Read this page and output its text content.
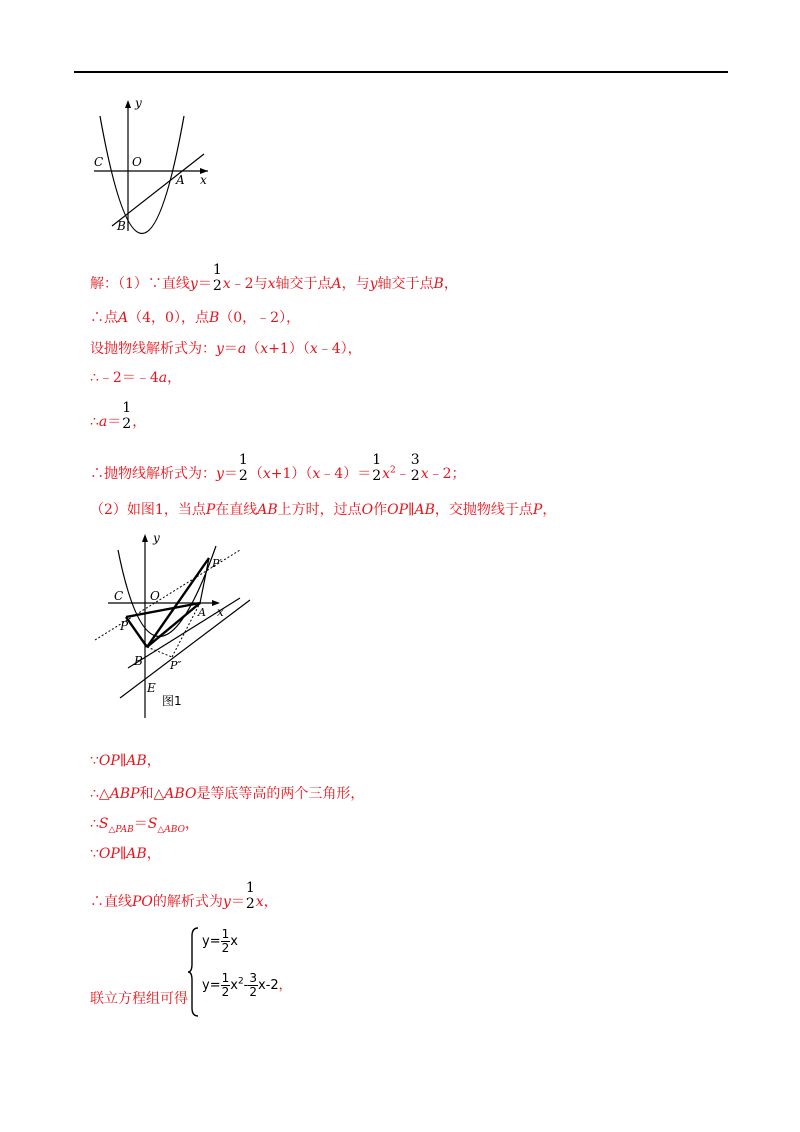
y
x
C O
A
B
解：（1）∵直线y＝
1
2 x﹣2与x轴交于点A，与y轴交于点B，
∴点A（4，0），点B（0，﹣2），
设抛物线解析式为：y＝a（x+1）（x﹣4），
∴﹣2＝﹣4a，
∴a＝
1
2 ，
∴抛物线解析式为：y＝
1
2 （x+1）（x﹣4）＝
1
2 $x^2﹣$
3
2 x﹣2；
（2）如图1，当点P在直线AB上方时，过点O作OP∥AB，交抛物线于点P，
y
x
C O
A
B
P
P′
P″
E
图1
∵OP∥AB，
∴△ABP和△ABO是等底等高的两个三角形，
$\therefore S_{\triangle PAB}=S_{\triangle ABO}$，
∵OP∥AB，
∴直线PO的解析式为y＝
1
2 x，
联立方程组可得
$y= \frac{1}{2}$ x
$y= \frac{1}{2} x^2- \frac{3}{2} x-2$，
